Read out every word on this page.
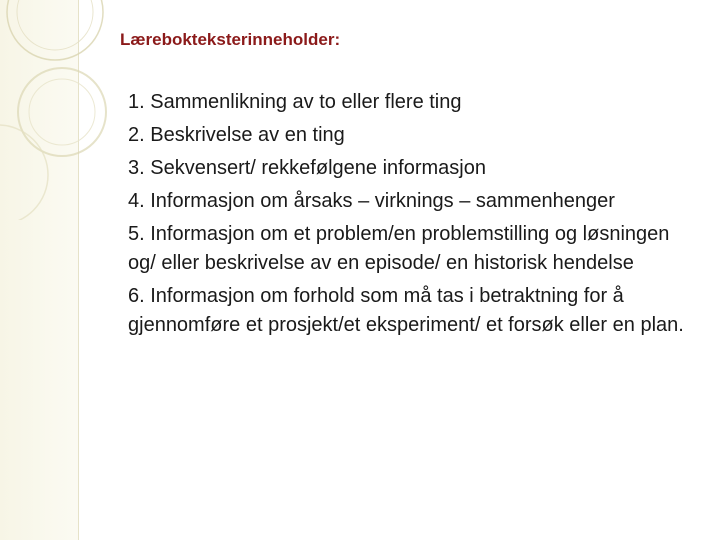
Lærebokteksterinneholder:
1. Sammenlikning av to eller flere ting
2. Beskrivelse av en ting
3. Sekvensert/ rekkefølgene informasjon
4. Informasjon om årsaks – virknings – sammenhenger
5. Informasjon om et problem/en problemstilling og løsningen og/ eller beskrivelse av en episode/ en historisk hendelse
6. Informasjon om forhold som må tas i betraktning for å gjennomføre et prosjekt/et eksperiment/ et forsøk eller en plan.
